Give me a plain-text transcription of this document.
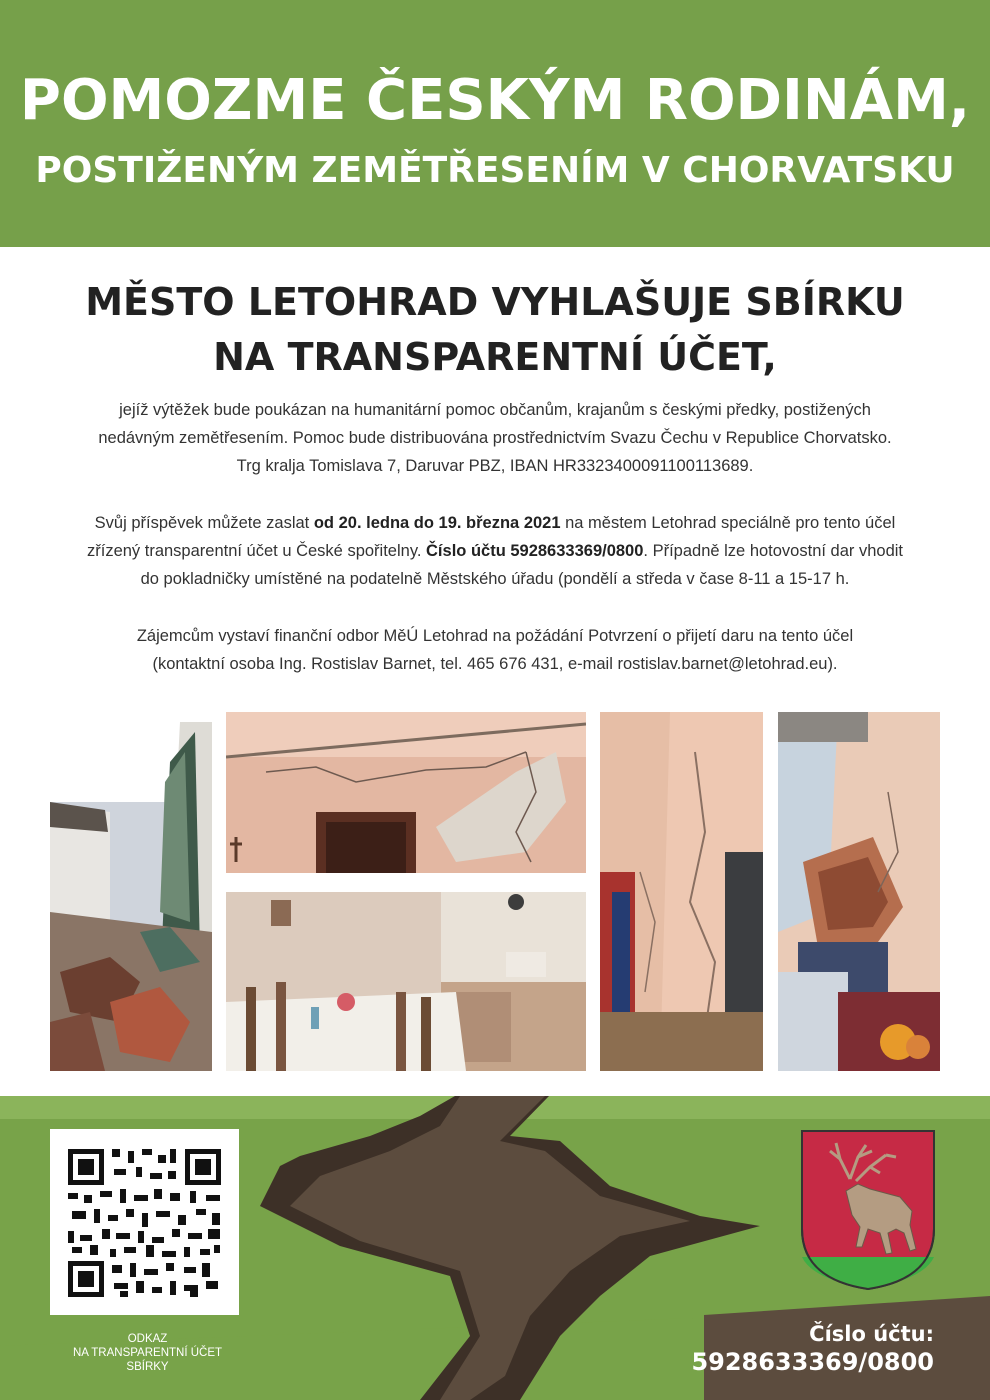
POMOZME ČESKÝM RODINÁM,
POSTIŽENÝM ZEMĚTŘESENÍM V CHORVATSKU
MĚSTO LETOHRAD VYHLAŠUJE SBÍRKU
NA TRANSPARENTNÍ ÚČET,

jejíž výtěžek bude poukázan na humanitární pomoc občanům, krajanům s českými předky, postižených
nedávným zemětřesením. Pomoc bude distribuována prostřednictvím Svazu Čechu v Republice Chorvatsko.
Trg kralja Tomislava 7, Daruvar PBZ, IBAN HR3323400091100113689.

Svůj příspěvek můžete zaslat od 20. ledna do 19. března 2021 na městem Letohrad speciálně pro tento účel
zřízený transparentní účet u České spořitelny. Číslo účtu 5928633369/0800. Případně lze hotovostní dar vhodit
do pokladničky umístěné na podatelně Městského úřadu (pondělí a středa v čase 8-11 a 15-17 h.

Zájemcům vystaví finanční odbor MěÚ Letohrad na požádání Potvrzení o přijetí daru na tento účel
(kontaktní osoba Ing. Rostislav Barnet, tel. 465 676 431, e-mail rostislav.barnet@letohrad.eu).

ODKAZ
NA TRANSPARENTNÍ ÚČET
SBÍRKY
Číslo účtu:
5928633369/0800
